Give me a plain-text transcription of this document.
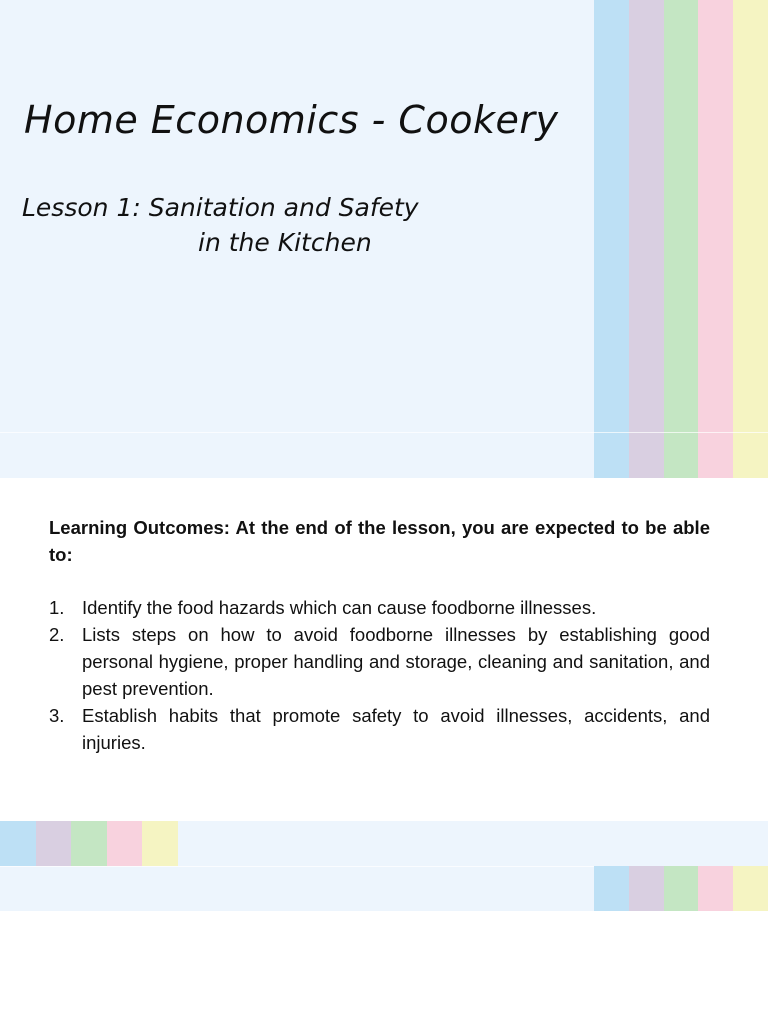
Home Economics - Cookery
Lesson 1: Sanitation and Safety
in the Kitchen

Learning Outcomes: At the end of the lesson, you are expected to be able to:

1. Identify the food hazards which can cause foodborne illnesses.
2. Lists steps on how to avoid foodborne illnesses by establishing good personal hygiene, proper handling and storage, cleaning and sanitation, and pest prevention.
3. Establish habits that promote safety to avoid illnesses, accidents, and injuries.
